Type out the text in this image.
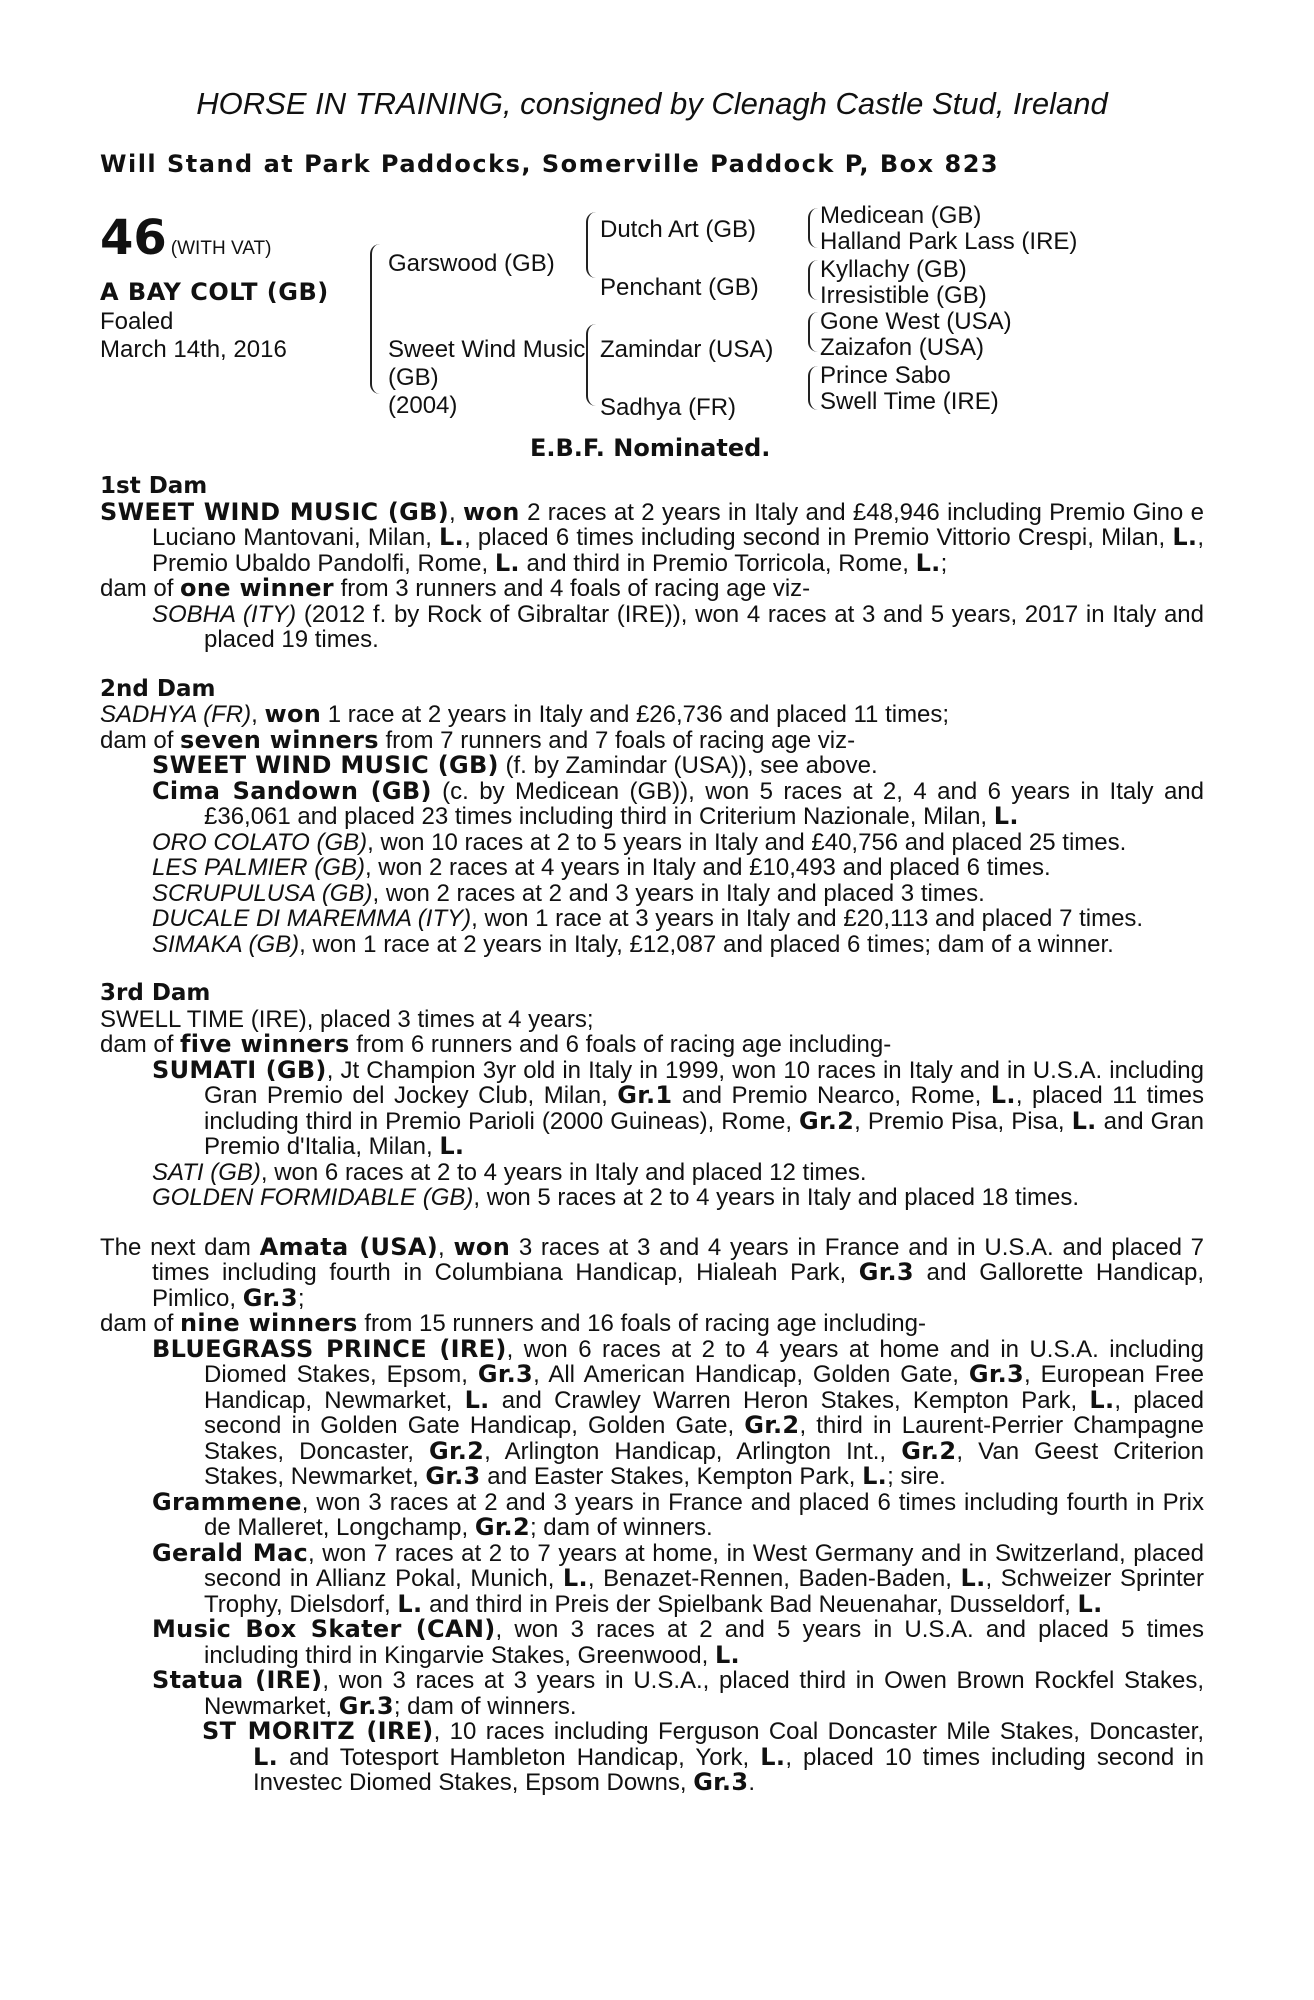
HORSE IN TRAINING, consigned by Clenagh Castle Stud, Ireland
Will Stand at Park Paddocks, Somerville Paddock P, Box 823
46 (WITH VAT)
A BAY COLT (GB)
Foaled
March 14th, 2016
Garswood (GB)
Sweet Wind Music
(GB)
(2004)
Dutch Art (GB)
Penchant (GB)
Zamindar (USA)
Sadhya (FR)
Medicean (GB)
Halland Park Lass (IRE)
Kyllachy (GB)
Irresistible (GB)
Gone West (USA)
Zaizafon (USA)
Prince Sabo
Swell Time (IRE)
E.B.F. Nominated.
1st Dam

SWEET WIND MUSIC (GB), won 2 races at 2 years in Italy and £48,946 including Premio Gino e Luciano Mantovani, Milan, L., placed 6 times including second in Premio Vittorio Crespi, Milan, L., Premio Ubaldo Pandolfi, Rome, L. and third in Premio Torricola, Rome, L.;

dam of one winner from 3 runners and 4 foals of racing age viz-

SOBHA (ITY) (2012 f. by Rock of Gibraltar (IRE)), won 4 races at 3 and 5 years, 2017 in Italy and placed 19 times.

2nd Dam

SADHYA (FR), won 1 race at 2 years in Italy and £26,736 and placed 11 times;

dam of seven winners from 7 runners and 7 foals of racing age viz-

SWEET WIND MUSIC (GB) (f. by Zamindar (USA)), see above.

Cima Sandown (GB) (c. by Medicean (GB)), won 5 races at 2, 4 and 6 years in Italy and £36,061 and placed 23 times including third in Criterium Nazionale, Milan, L.

ORO COLATO (GB), won 10 races at 2 to 5 years in Italy and £40,756 and placed 25 times.

LES PALMIER (GB), won 2 races at 4 years in Italy and £10,493 and placed 6 times.

SCRUPULUSA (GB), won 2 races at 2 and 3 years in Italy and placed 3 times.

DUCALE DI MAREMMA (ITY), won 1 race at 3 years in Italy and £20,113 and placed 7 times.

SIMAKA (GB), won 1 race at 2 years in Italy, £12,087 and placed 6 times; dam of a winner.

3rd Dam

SWELL TIME (IRE), placed 3 times at 4 years;

dam of five winners from 6 runners and 6 foals of racing age including-

SUMATI (GB), Jt Champion 3yr old in Italy in 1999, won 10 races in Italy and in U.S.A. including Gran Premio del Jockey Club, Milan, Gr.1 and Premio Nearco, Rome, L., placed 11 times including third in Premio Parioli (2000 Guineas), Rome, Gr.2, Premio Pisa, Pisa, L. and Gran Premio d'Italia, Milan, L.

SATI (GB), won 6 races at 2 to 4 years in Italy and placed 12 times.

GOLDEN FORMIDABLE (GB), won 5 races at 2 to 4 years in Italy and placed 18 times.

The next dam Amata (USA), won 3 races at 3 and 4 years in France and in U.S.A. and placed 7 times including fourth in Columbiana Handicap, Hialeah Park, Gr.3 and Gallorette Handicap, Pimlico, Gr.3;

dam of nine winners from 15 runners and 16 foals of racing age including-

BLUEGRASS PRINCE (IRE), won 6 races at 2 to 4 years at home and in U.S.A. including Diomed Stakes, Epsom, Gr.3, All American Handicap, Golden Gate, Gr.3, European Free Handicap, Newmarket, L. and Crawley Warren Heron Stakes, Kempton Park, L., placed second in Golden Gate Handicap, Golden Gate, Gr.2, third in Laurent-Perrier Champagne Stakes, Doncaster, Gr.2, Arlington Handicap, Arlington Int., Gr.2, Van Geest Criterion Stakes, Newmarket, Gr.3 and Easter Stakes, Kempton Park, L.; sire.

Grammene, won 3 races at 2 and 3 years in France and placed 6 times including fourth in Prix de Malleret, Longchamp, Gr.2; dam of winners.

Gerald Mac, won 7 races at 2 to 7 years at home, in West Germany and in Switzerland, placed second in Allianz Pokal, Munich, L., Benazet-Rennen, Baden-Baden, L., Schweizer Sprinter Trophy, Dielsdorf, L. and third in Preis der Spielbank Bad Neuenahar, Dusseldorf, L.

Music Box Skater (CAN), won 3 races at 2 and 5 years in U.S.A. and placed 5 times including third in Kingarvie Stakes, Greenwood, L.

Statua (IRE), won 3 races at 3 years in U.S.A., placed third in Owen Brown Rockfel Stakes, Newmarket, Gr.3; dam of winners.

ST MORITZ (IRE), 10 races including Ferguson Coal Doncaster Mile Stakes, Doncaster, L. and Totesport Hambleton Handicap, York, L., placed 10 times including second in Investec Diomed Stakes, Epsom Downs, Gr.3.
